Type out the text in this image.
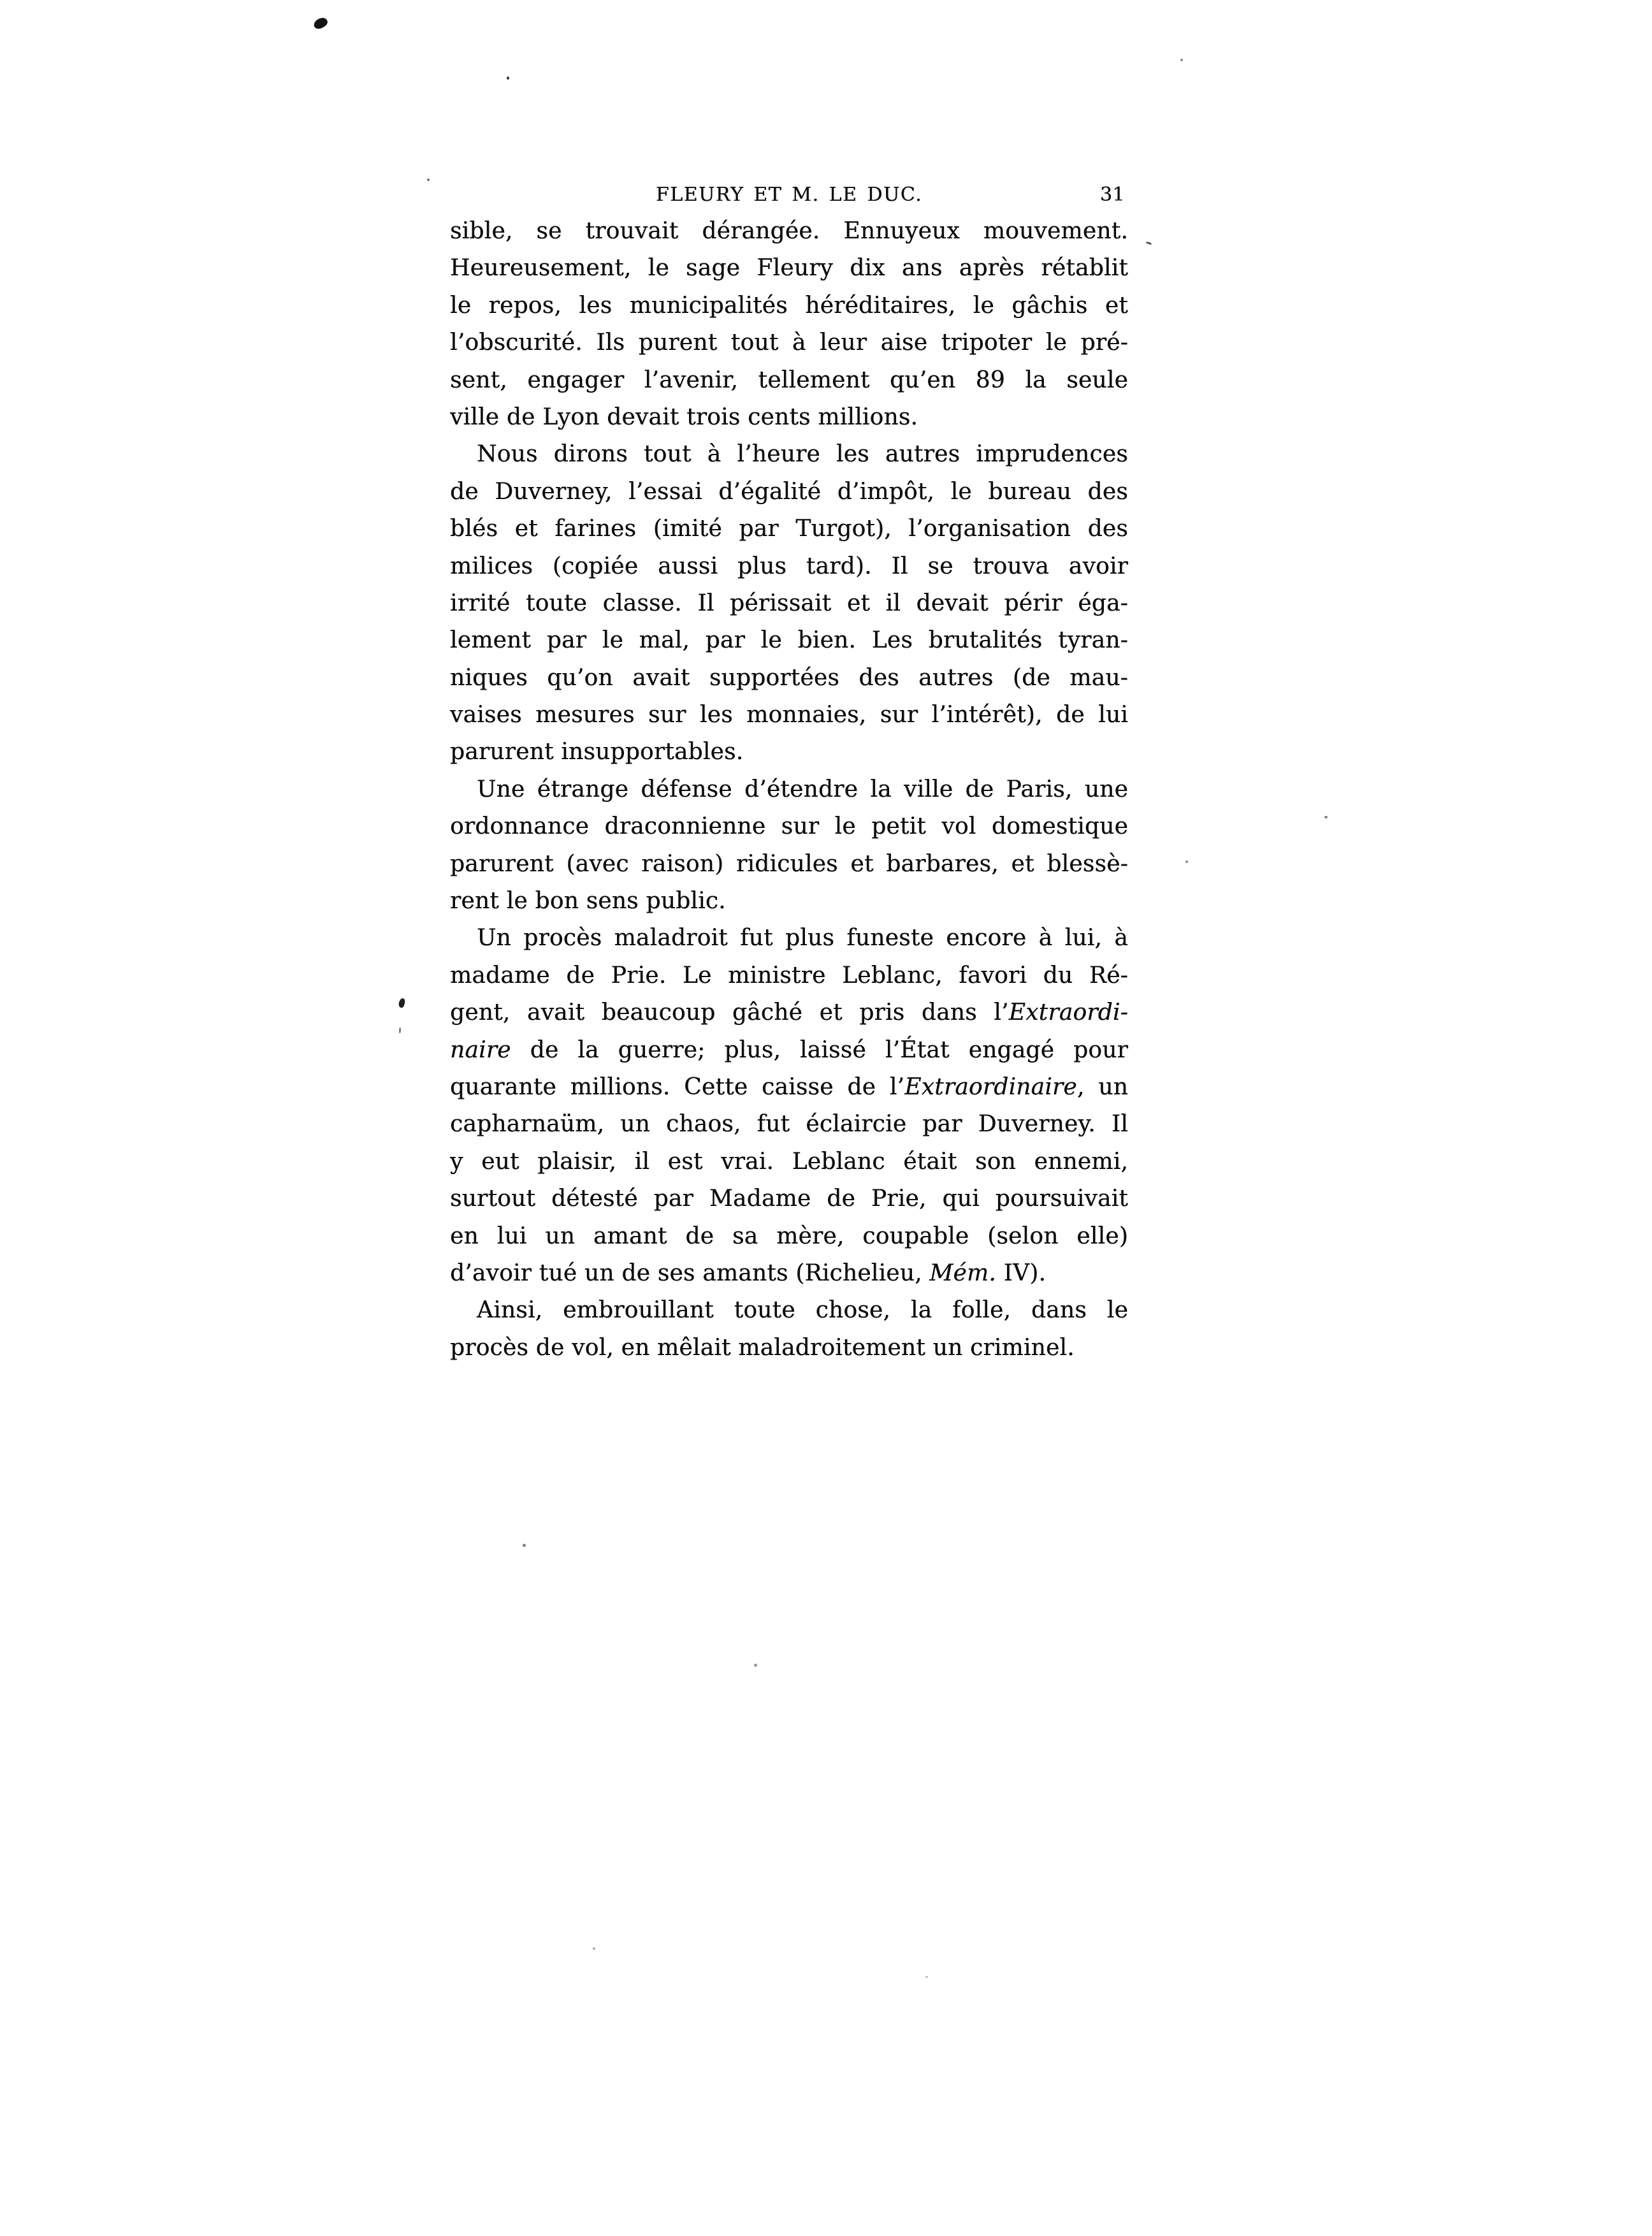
FLEURY ET M. LE DUC.	31
sible, se trouvait dérangée. Ennuyeux mouvement.
Heureusement, le sage Fleury dix ans après rétablit
le repos, les municipalités héréditaires, le gâchis et
l’obscurité. Ils purent tout à leur aise tripoter le pré-
sent, engager l’avenir, tellement qu’en 89 la seule
ville de Lyon devait trois cents millions.
Nous dirons tout à l’heure les autres imprudences
de Duverney, l’essai d’égalité d’impôt, le bureau des
blés et farines (imité par Turgot), l’organisation des
milices (copiée aussi plus tard). Il se trouva avoir
irrité toute classe. Il périssait et il devait périr éga-
lement par le mal, par le bien. Les brutalités tyran-
niques qu’on avait supportées des autres (de mau-
vaises mesures sur les monnaies, sur l’intérêt), de lui
parurent insupportables.
Une étrange défense d’étendre la ville de Paris, une
ordonnance draconnienne sur le petit vol domestique
parurent (avec raison) ridicules et barbares, et blessè-
rent le bon sens public.
Un procès maladroit fut plus funeste encore à lui, à
madame de Prie. Le ministre Leblanc, favori du Ré-
gent, avait beaucoup gâché et pris dans l’Extraordi-
naire de la guerre; plus, laissé l’État engagé pour
quarante millions. Cette caisse de l’Extraordinaire, un
capharnaüm, un chaos, fut éclaircie par Duverney. Il
y eut plaisir, il est vrai. Leblanc était son ennemi,
surtout détesté par Madame de Prie, qui poursuivait
en lui un amant de sa mère, coupable (selon elle)
d’avoir tué un de ses amants (Richelieu, Mém. IV).
Ainsi, embrouillant toute chose, la folle, dans le
procès de vol, en mêlait maladroitement un criminel.
